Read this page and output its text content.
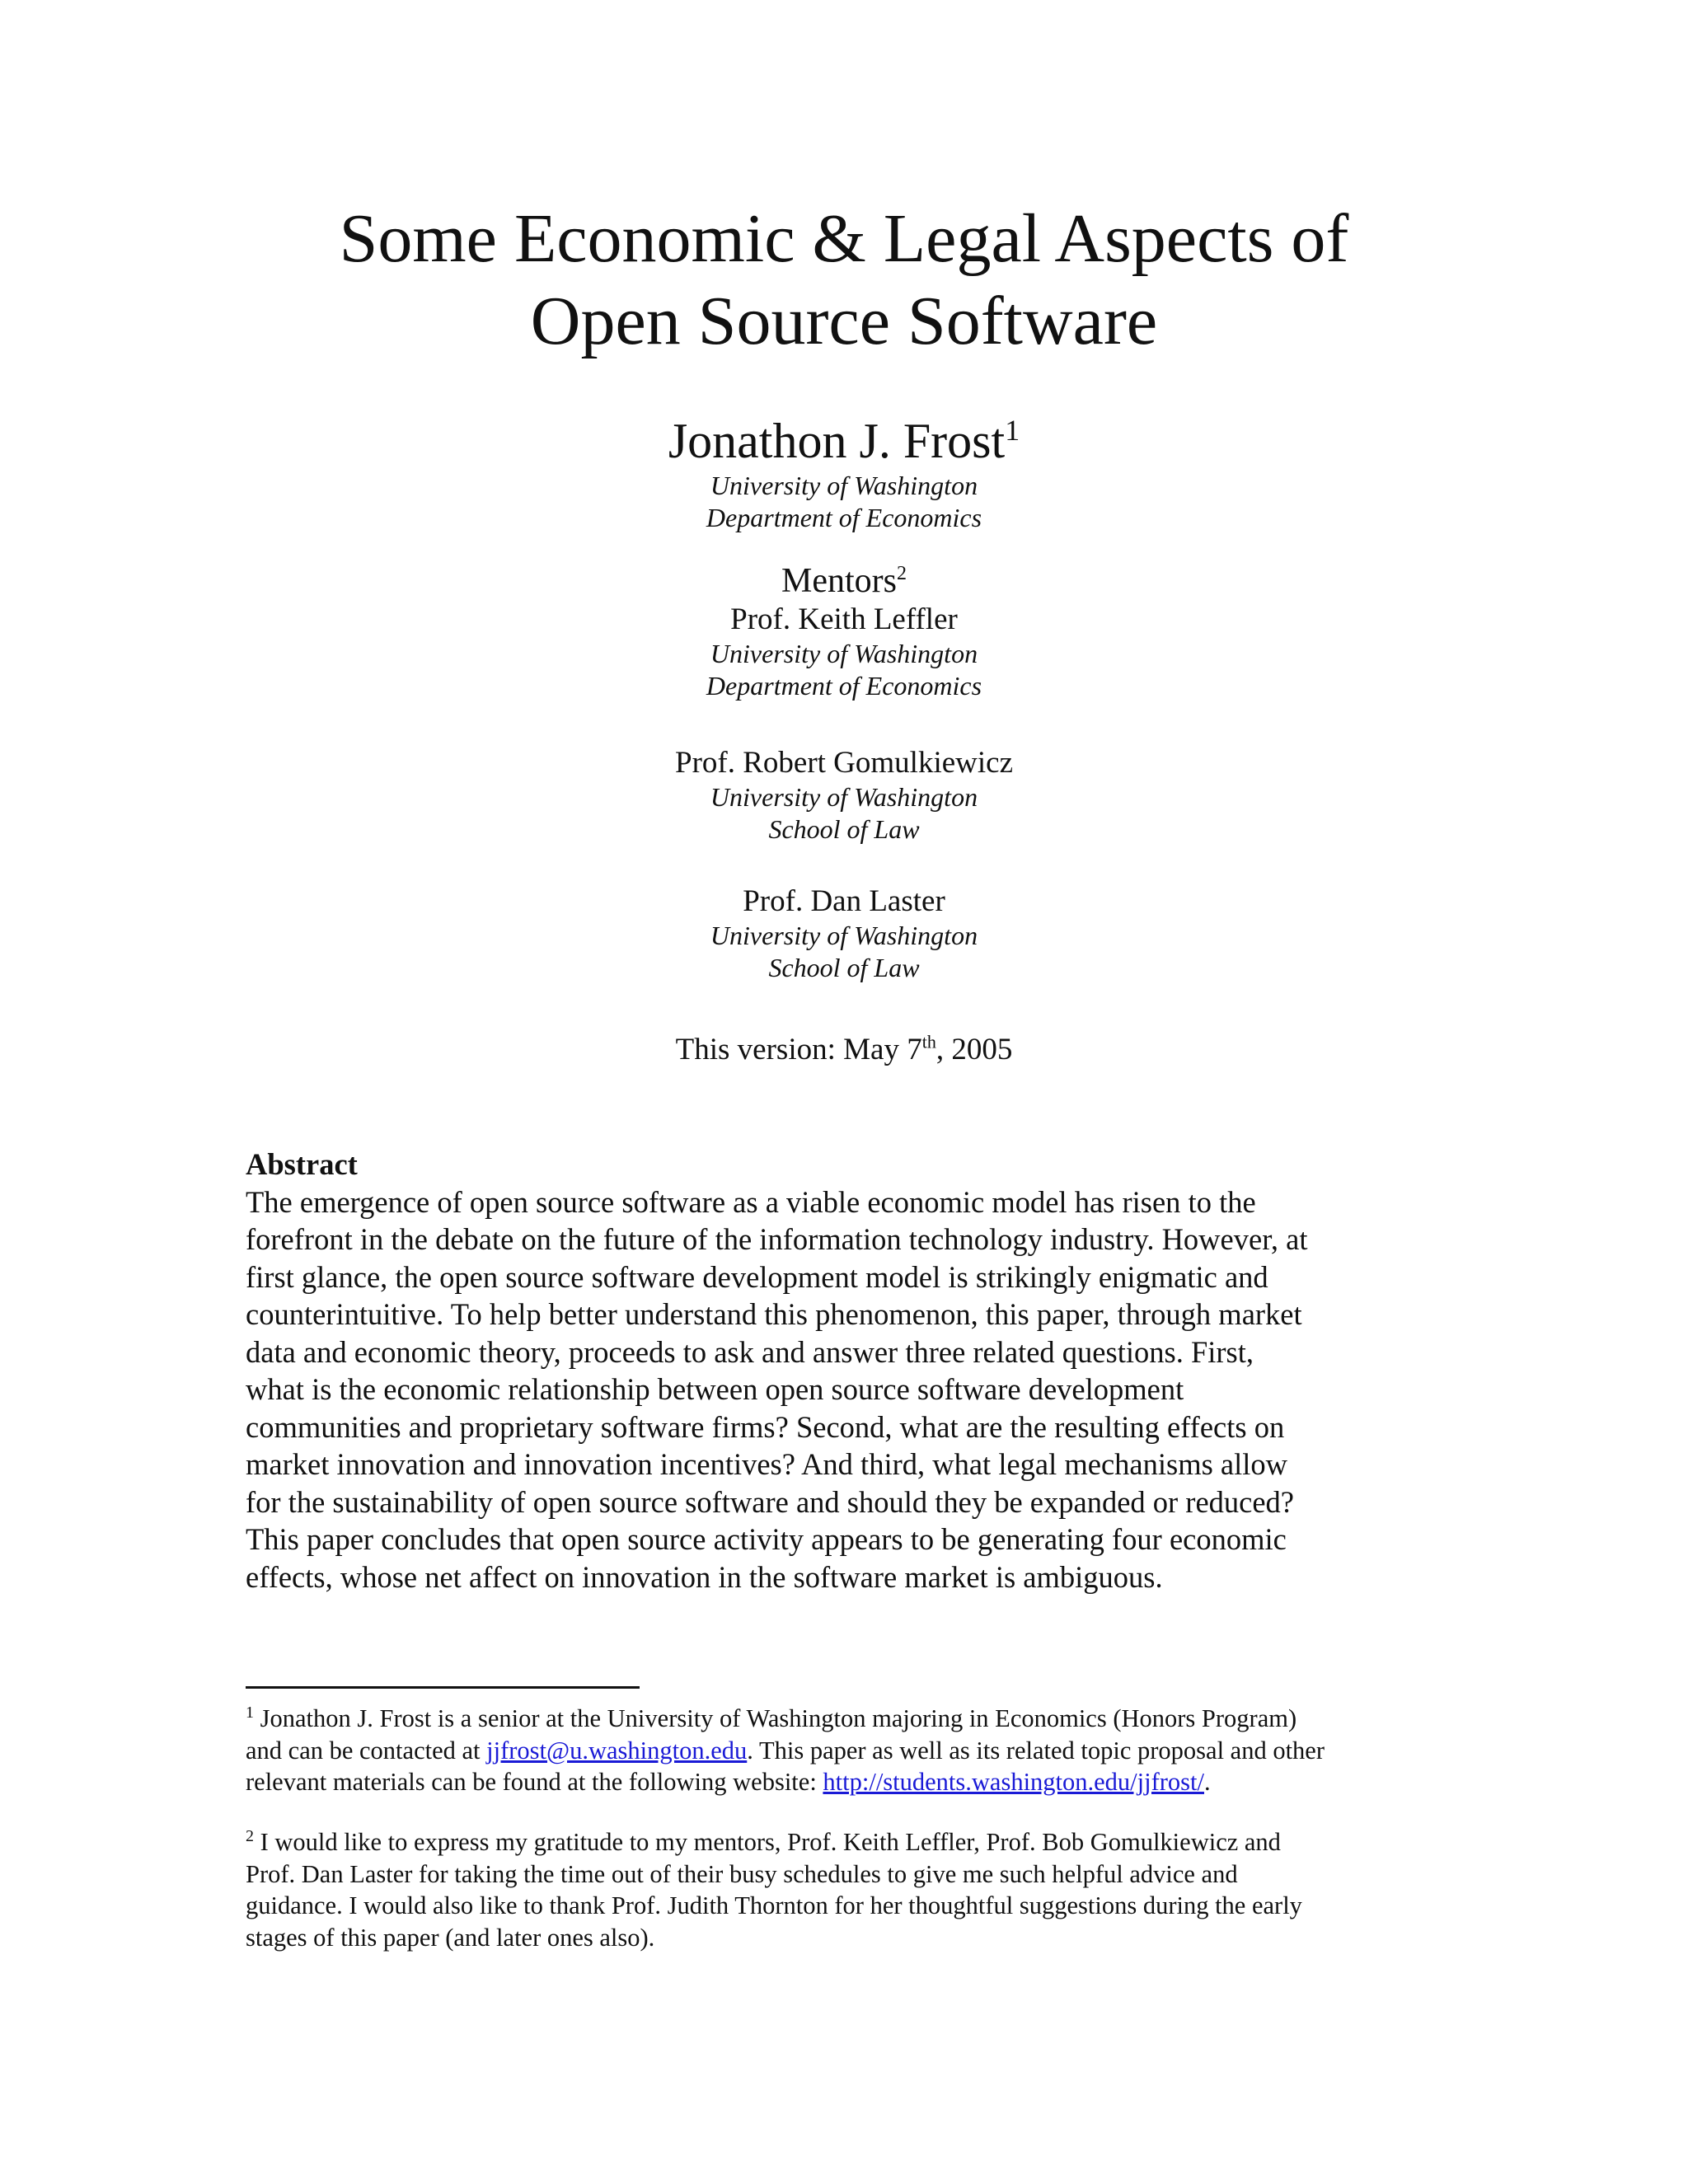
Some Economic & Legal Aspects of
Open Source Software
Jonathon J. Frost$^1$
University of Washington
Department of Economics
Mentors$^2$
Prof. Keith Leffler
University of Washington
Department of Economics
Prof. Robert Gomulkiewicz
University of Washington
School of Law
Prof. Dan Laster
University of Washington
School of Law
This version: May 7th, 2005
Abstract
The emergence of open source software as a viable economic model has risen to the
forefront in the debate on the future of the information technology industry. However, at
first glance, the open source software development model is strikingly enigmatic and
counterintuitive. To help better understand this phenomenon, this paper, through market
data and economic theory, proceeds to ask and answer three related questions. First,
what is the economic relationship between open source software development
communities and proprietary software firms? Second, what are the resulting effects on
market innovation and innovation incentives? And third, what legal mechanisms allow
for the sustainability of open source software and should they be expanded or reduced?
This paper concludes that open source activity appears to be generating four economic
effects, whose net affect on innovation in the software market is ambiguous.
$^1$ Jonathon J. Frost is a senior at the University of Washington majoring in Economics (Honors Program)
and can be contacted at jjfrost@u.washington.edu. This paper as well as its related topic proposal and other
relevant materials can be found at the following website: http://students.washington.edu/jjfrost/.
$^2$ I would like to express my gratitude to my mentors, Prof. Keith Leffler, Prof. Bob Gomulkiewicz and
Prof. Dan Laster for taking the time out of their busy schedules to give me such helpful advice and
guidance. I would also like to thank Prof. Judith Thornton for her thoughtful suggestions during the early
stages of this paper (and later ones also).
